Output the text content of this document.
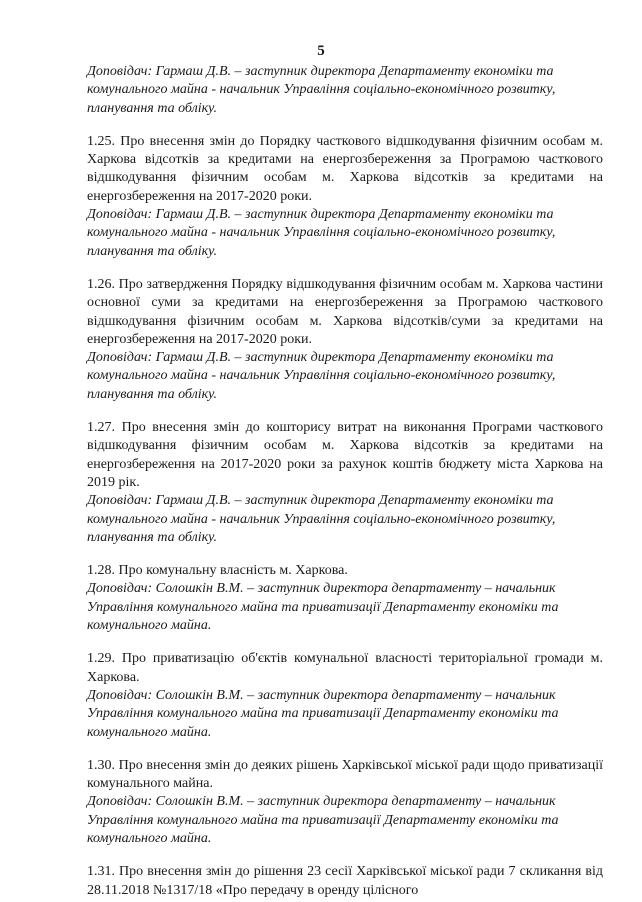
5
Доповідач: Гармаш Д.В. – заступник директора Департаменту економіки та комунального майна - начальник Управління соціально-економічного розвитку, планування та обліку.
1.25. Про внесення змін до Порядку часткового відшкодування фізичним особам м. Харкова відсотків за кредитами на енергозбереження за Програмою часткового відшкодування фізичним особам м. Харкова відсотків за кредитами на енергозбереження на 2017-2020 роки.
Доповідач: Гармаш Д.В. – заступник директора Департаменту економіки та комунального майна - начальник Управління соціально-економічного розвитку, планування та обліку.
1.26. Про затвердження Порядку відшкодування фізичним особам м. Харкова частини основної суми за кредитами на енергозбереження за Програмою часткового відшкодування фізичним особам м. Харкова відсотків/суми за кредитами на енергозбереження на 2017-2020 роки.
Доповідач: Гармаш Д.В. – заступник директора Департаменту економіки та комунального майна - начальник Управління соціально-економічного розвитку, планування та обліку.
1.27. Про внесення змін до кошторису витрат на виконання Програми часткового відшкодування фізичним особам м. Харкова відсотків за кредитами на енергозбереження на 2017-2020 роки за рахунок коштів бюджету міста Харкова на 2019 рік.
Доповідач: Гармаш Д.В. – заступник директора Департаменту економіки та комунального майна - начальник Управління соціально-економічного розвитку, планування та обліку.
1.28. Про комунальну власність м. Харкова.
Доповідач: Солошкін В.М. – заступник директора департаменту – начальник Управління комунального майна та приватизації Департаменту економіки та комунального майна.
1.29. Про приватизацію об'єктів комунальної власності територіальної громади м. Харкова.
Доповідач: Солошкін В.М. – заступник директора департаменту – начальник Управління комунального майна та приватизації Департаменту економіки та комунального майна.
1.30. Про внесення змін до деяких рішень Харківської міської ради щодо приватизації комунального майна.
Доповідач: Солошкін В.М. – заступник директора департаменту – начальник Управління комунального майна та приватизації Департаменту економіки та комунального майна.
1.31. Про внесення змін до рішення 23 сесії Харківської міської ради 7 скликання від 28.11.2018 №1317/18 «Про передачу в оренду цілісного
